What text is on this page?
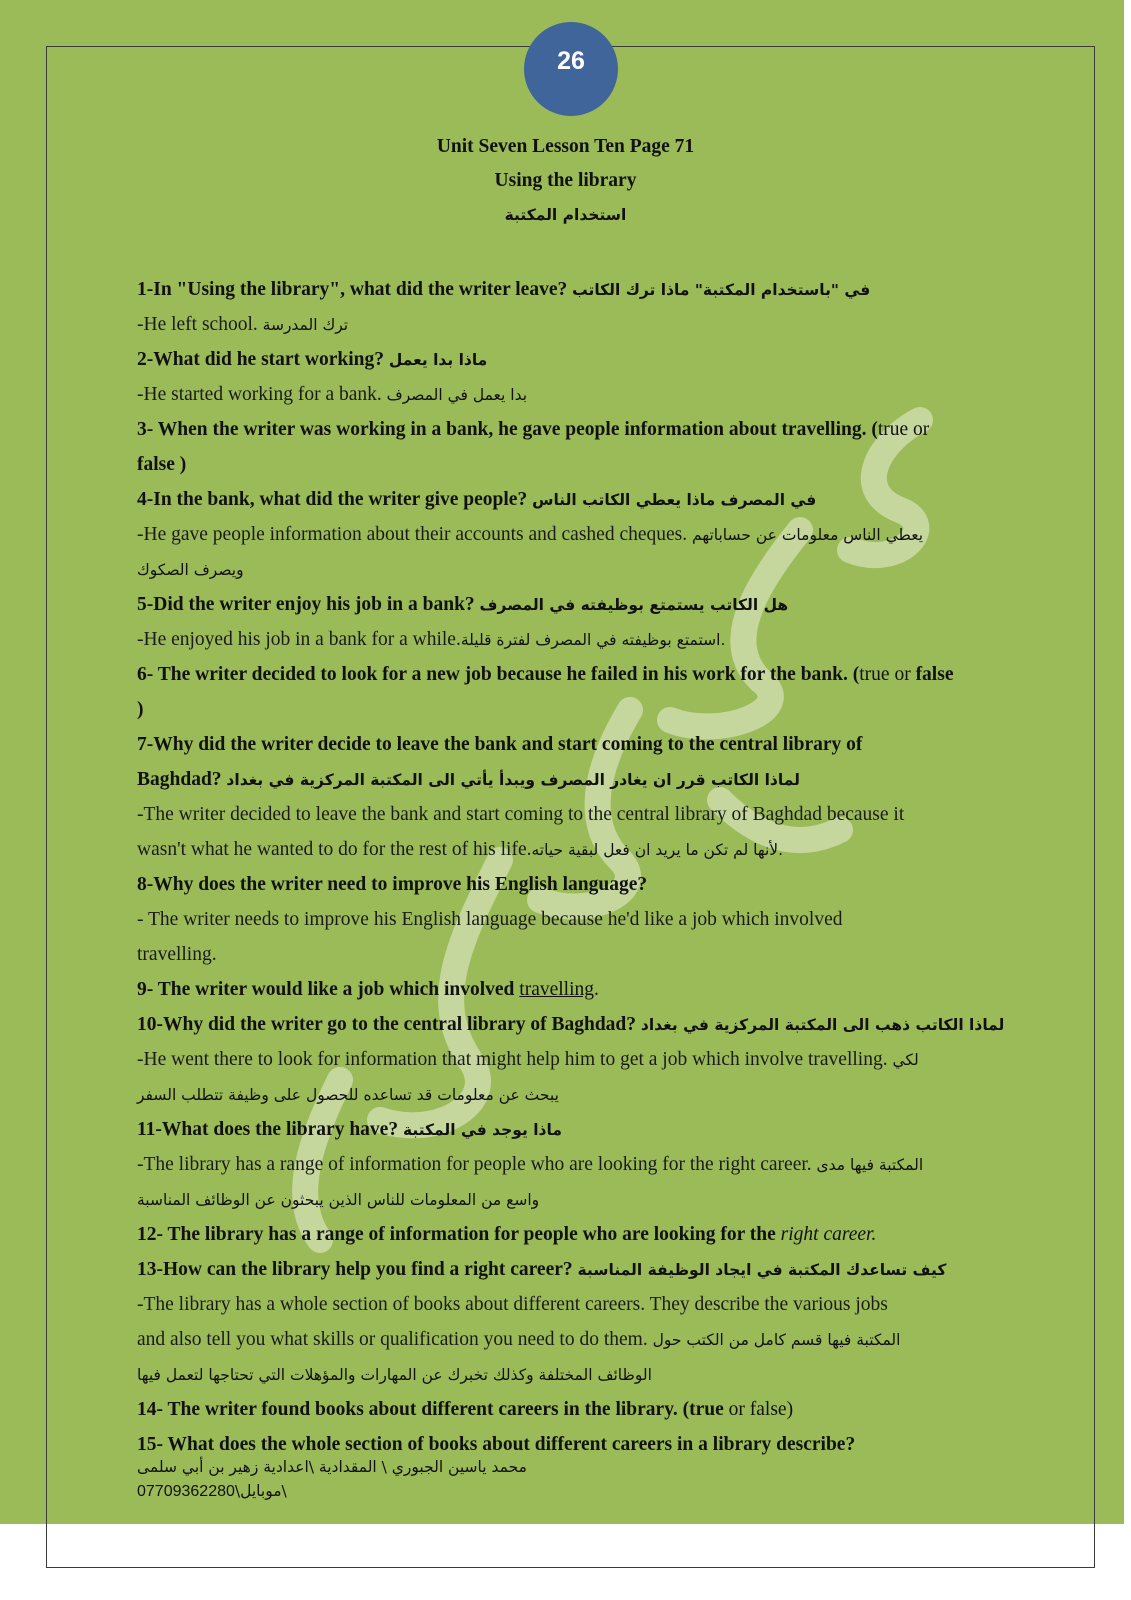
26
Unit Seven Lesson Ten Page 71
Using the library
استخدام المكتبة
1-In "Using the library", what did the writer leave? في "باستخدام المكتبة" ماذا ترك الكاتب
-He left school. ترك المدرسة
2-What did he start working? ماذا بدا يعمل
-He started working for a bank. بدا يعمل في المصرف
3- When the writer was working in a bank, he gave people information about travelling. (true or
false )
4-In the bank, what did the writer give people? في المصرف ماذا يعطي الكاتب الناس
-He gave people information about their accounts and cashed cheques. يعطي الناس معلومات عن حساباتهم
ويصرف الصكوك
5-Did the writer enjoy his job in a bank? هل الكاتب يستمتع بوظيفته في المصرف
-He enjoyed his job in a bank for a while.استمتع بوظيفته في المصرف لفترة قليلة.
6- The writer decided to look for a new job because he failed in his work for the bank. (true or false
)
7-Why did the writer decide to leave the bank and start coming to the central library of
Baghdad? لماذا الكاتب قرر ان يغادر المصرف ويبدأ يأتي الى المكتبة المركزية في بغداد
-The writer decided to leave the bank and start coming to the central library of Baghdad because it
wasn't what he wanted to do for the rest of his life.لأنها لم تكن ما يريد ان فعل لبقية حياته.
8-Why does the writer need to improve his English language?
- The writer needs to improve his English language because he'd like a job which involved
travelling.
9- The writer would like a job which involved travelling.
10-Why did the writer go to the central library of Baghdad? لماذا الكاتب ذهب الى المكتبة المركزية في بغداد
-He went there to look for information that might help him to get a job which involve travelling. لكي
يبحث عن معلومات قد تساعده للحصول على وظيفة تتطلب السفر
11-What does the library have? ماذا يوجد في المكتبة
-The library has a range of information for people who are looking for the right career. المكتبة فيها مدى
واسع من المعلومات للناس الذين يبحثون عن الوظائف المناسبة
12- The library has a range of information for people who are looking for the right career.
13-How can the library help you find a right career? كيف تساعدك المكتبة في ايجاد الوظيفة المناسبة
-The library has a whole section of books about different careers. They describe the various jobs
and also tell you what skills or qualification you need to do them. المكتبة فيها قسم كامل من الكتب حول
الوظائف المختلفة وكذلك تخبرك عن المهارات والمؤهلات التي تحتاجها لتعمل فيها
14- The writer found books about different careers in the library. (true or false)
15- What does the whole section of books about different careers in a library describe?
محمد ياسين الجبوري \ المقدادية \اعدادية زهير بن أبي سلمى
07709362280\موبايل\
